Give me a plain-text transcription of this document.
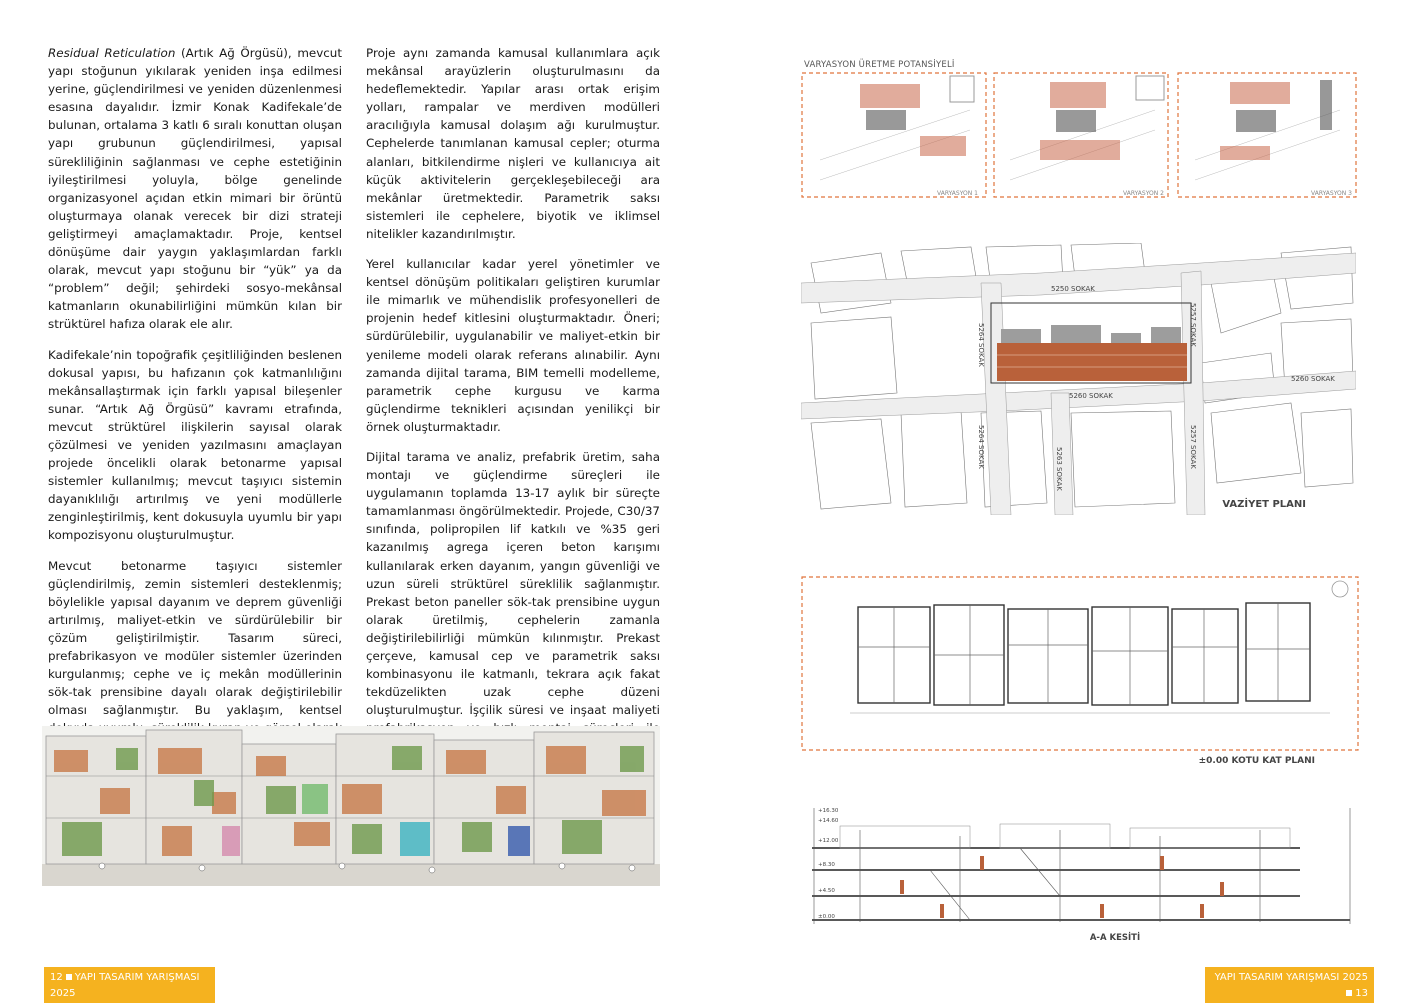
Residual Reticulation (Artık Ağ Örgüsü), mevcut yapı stoğunun yıkılarak yeniden inşa edilmesi yerine, güçlendirilmesi ve yeniden düzenlenmesi esasına dayalıdır. İzmir Konak Kadifekale’de bulunan, ortalama 3 katlı 6 sıralı konuttan oluşan yapı grubunun güçlendirilmesi, yapısal sürekliliğinin sağlanması ve cephe estetiğinin iyileştirilmesi yoluyla, bölge genelinde organizasyonel açıdan etkin mimari bir örüntü oluşturmaya olanak verecek bir dizi strateji geliştirmeyi amaçlamaktadır. Proje, kentsel dönüşüme dair yaygın yaklaşımlardan farklı olarak, mevcut yapı stoğunu bir “yük” ya da “problem” değil; şehirdeki sosyo-mekânsal katmanların okunabilirliğini mümkün kılan bir strüktürel hafıza olarak ele alır.

Kadifekale’nin topoğrafik çeşitliliğinden beslenen dokusal yapısı, bu hafızanın çok katmanlılığını mekânsallaştırmak için farklı yapısal bileşenler sunar. “Artık Ağ Örgüsü” kavramı etrafında, mevcut strüktürel ilişkilerin sayısal olarak çözülmesi ve yeniden yazılmasını amaçlayan projede öncelikli olarak betonarme yapısal sistemler kullanılmış; mevcut taşıyıcı sistemin dayanıklılığı artırılmış ve yeni modüllerle zenginleştirilmiş, kent dokusuyla uyumlu bir yapı kompozisyonu oluşturulmuştur.

Mevcut betonarme taşıyıcı sistemler güçlendirilmiş, zemin sistemleri desteklenmiş; böylelikle yapısal dayanım ve deprem güvenliği artırılmış, maliyet-etkin ve sürdürülebilir bir çözüm geliştirilmiştir. Tasarım süreci, prefabrikasyon ve modüler sistemler üzerinden kurgulanmış; cephe ve iç mekân modüllerinin sök-tak prensibine dayalı olarak değiştirilebilir olması sağlanmıştır. Bu yaklaşım, kentsel

Proje aynı zamanda kamusal kullanımlara açık mekânsal arayüzlerin oluşturulmasını da hedeflemektedir. Yapılar arası ortak erişim yolları, rampalar ve merdiven modülleri aracılığıyla kamusal dolaşım ağı kurulmuştur. Cephelerde tanımlanan kamusal cepler; oturma alanları, bitkilendirme nişleri ve kullanıcıya ait küçük aktivitelerin gerçekleşebileceği ara mekânlar üretmektedir. Parametrik saksı sistemleri ile cephelere, biyotik ve iklimsel nitelikler kazandırılmıştır.

Yerel kullanıcılar kadar yerel yönetimler ve kentsel dönüşüm politikaları geliştiren kurumlar ile mimarlık ve mühendislik profesyonelleri de projenin hedef kitlesini oluşturmaktadır. Öneri; sürdürülebilir, uygulanabilir ve maliyet-etkin bir yenileme modeli olarak referans alınabilir. Aynı zamanda dijital tarama, BIM temelli modelleme, parametrik cephe kurgusu ve karma güçlendirme teknikleri açısından yenilikçi bir örnek oluşturmaktadır.

Dijital tarama ve analiz, prefabrik üretim, saha montajı ve güçlendirme süreçleri ile uygulamanın toplamda 13-17 aylık bir süreçte tamamlanması öngörülmektedir. Projede, C30/37 sınıfında, polipropilen lif katkılı ve %35 geri kazanılmış agrega içeren beton karışımı kullanılarak erken dayanım, yangın güvenliği ve uzun süreli strüktürel süreklilik sağlanmıştır. Prekast beton paneller sök-tak prensibine uygun olarak üretilmiş, cephelerin zamanla değiştirilebilirliği mümkün kılınmıştır. Prekast çerçeve, kamusal cep ve parametrik saksı kombinasyonu ile katmanlı, tekrara açık fakat tekdüzelikten uzak cephe düzeni oluşturulmuştur. İşçilik süresi ve inşaat maliyeti

VARYASYON ÜRETME POTANSİYELİ
VARYASYON 1	VARYASYON 2	VARYASYON 3
5250 SOKAK
5260 SOKAK
5260 SOKAK
5264 SOKAK
5264 SOKAK
5263 SOKAK
5257 SOKAK
5257 SOKAK
VAZİYET PLANI
±0.00 KOTU KAT PLANI
+16.30
+14.60
+12.00
+8.30
+4.50
±0.00
A-A KESİTİ
12 YAPI TASARIM YARIŞMASI 2025
YAPI TASARIM YARIŞMASI 202513
